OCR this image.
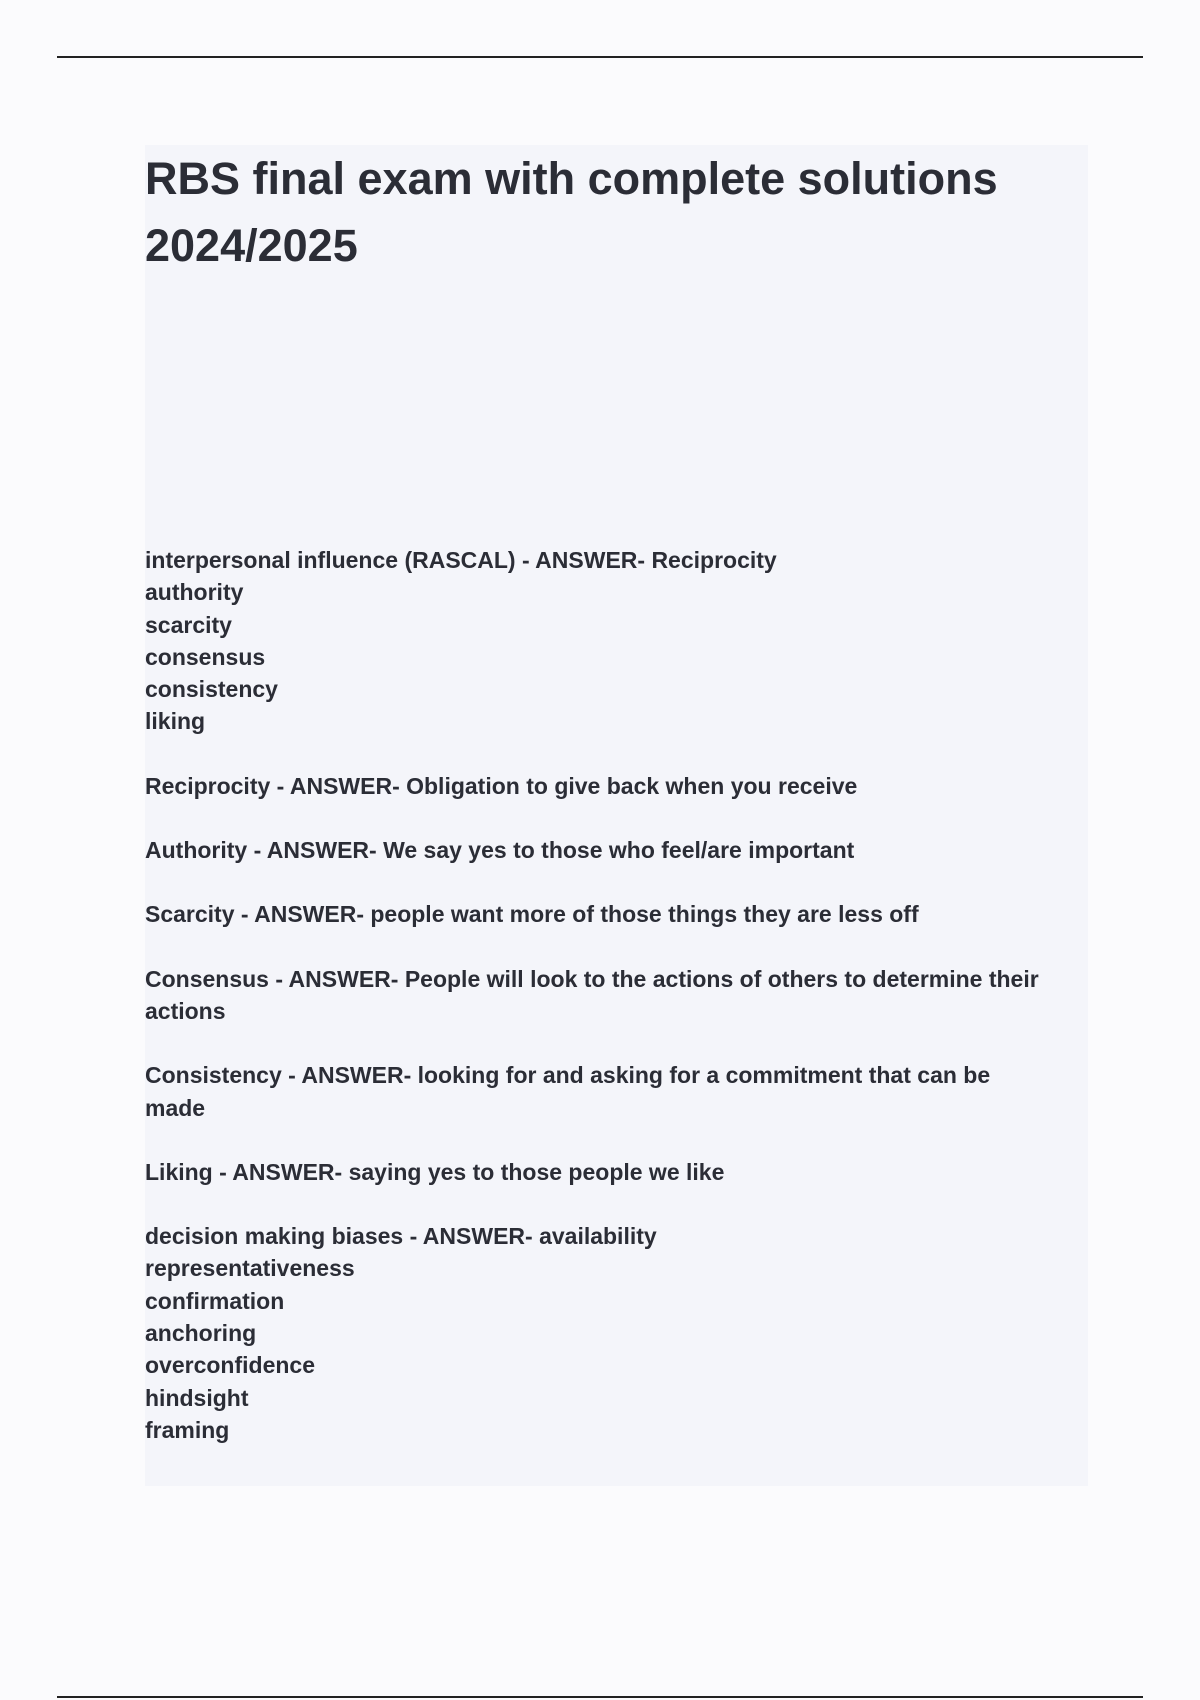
RBS final exam with complete solutions
2024/2025

interpersonal influence (RASCAL) - ANSWER- Reciprocity
authority
scarcity
consensus
consistency
liking

Reciprocity - ANSWER- Obligation to give back when you receive

Authority - ANSWER- We say yes to those who feel/are important

Scarcity - ANSWER- people want more of those things they are less off

Consensus - ANSWER- People will look to the actions of others to determine their
actions

Consistency - ANSWER- looking for and asking for a commitment that can be
made

Liking - ANSWER- saying yes to those people we like

decision making biases - ANSWER- availability
representativeness
confirmation
anchoring
overconfidence
hindsight
framing
